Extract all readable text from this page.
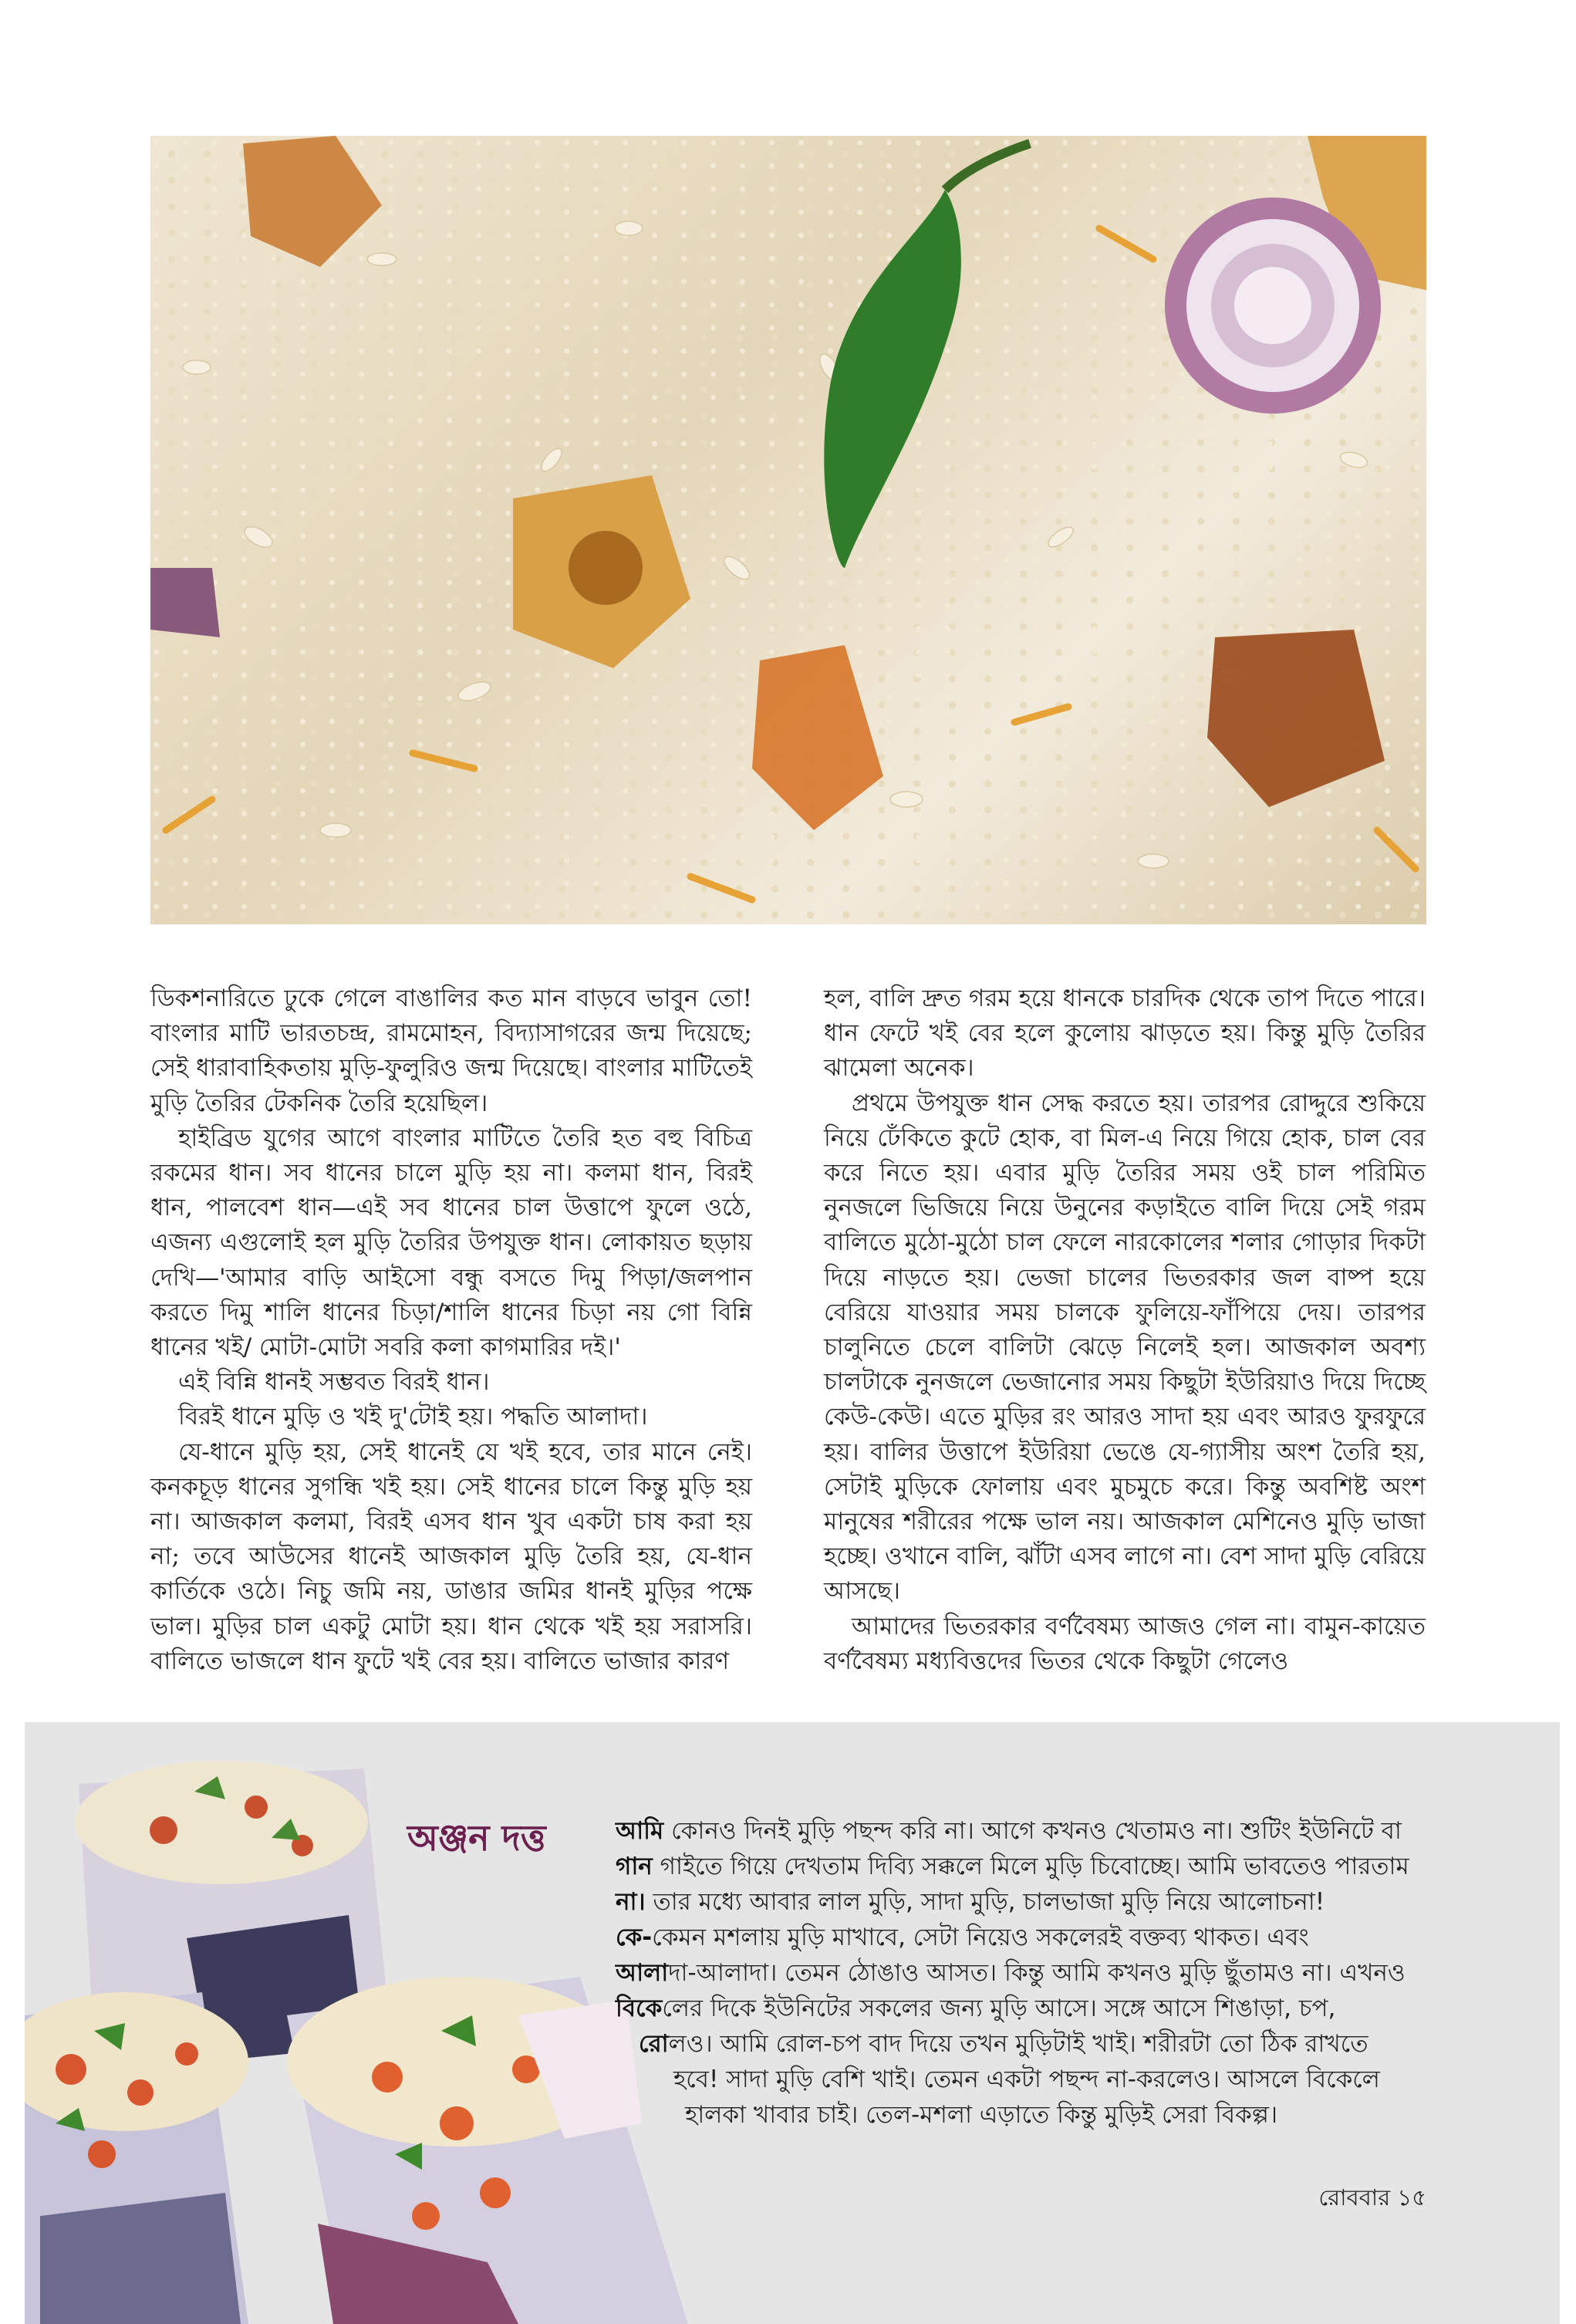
ডিকশনারিতে ঢুকে গেলে বাঙালির কত মান বাড়বে ভাবুন তো! বাংলার মাটি ভারতচন্দ্র, রামমোহন, বিদ্যাসাগরের জন্ম দিয়েছে; সেই ধারাবাহিকতায় মুড়ি-ফুলুরিও জন্ম দিয়েছে। বাংলার মাটিতেই মুড়ি তৈরির টেকনিক তৈরি হয়েছিল।

হাইব্রিড যুগের আগে বাংলার মাটিতে তৈরি হত বহু বিচিত্র রকমের ধান। সব ধানের চালে মুড়ি হয় না। কলমা ধান, বিরই ধান, পালবেশ ধান—এই সব ধানের চাল উত্তাপে ফুলে ওঠে, এজন্য এগুলোই হল মুড়ি তৈরির উপযুক্ত ধান। লোকায়ত ছড়ায় দেখি—'আমার বাড়ি আইসো বন্ধু বসতে দিমু পিড়া/জলপান করতে দিমু শালি ধানের চিড়া/শালি ধানের চিড়া নয় গো বিন্নি ধানের খই/ মোটা-মোটা সবরি কলা কাগমারির দই।'

এই বিন্নি ধানই সম্ভবত বিরই ধান।

বিরই ধানে মুড়ি ও খই দু'টোই হয়। পদ্ধতি আলাদা।

যে-ধানে মুড়ি হয়, সেই ধানেই যে খই হবে, তার মানে নেই। কনকচূড় ধানের সুগন্ধি খই হয়। সেই ধানের চালে কিন্তু মুড়ি হয় না। আজকাল কলমা, বিরই এসব ধান খুব একটা চাষ করা হয় না; তবে আউসের ধানেই আজকাল মুড়ি তৈরি হয়, যে-ধান কার্তিকে ওঠে। নিচু জমি নয়, ডাঙার জমির ধানই মুড়ির পক্ষে ভাল। মুড়ির চাল একটু মোটা হয়। ধান থেকে খই হয় সরাসরি। বালিতে ভাজলে ধান ফুটে খই বের হয়। বালিতে ভাজার কারণ

হল, বালি দ্রুত গরম হয়ে ধানকে চারদিক থেকে তাপ দিতে পারে। ধান ফেটে খই বের হলে কুলোয় ঝাড়তে হয়। কিন্তু মুড়ি তৈরির ঝামেলা অনেক।

প্রথমে উপযুক্ত ধান সেদ্ধ করতে হয়। তারপর রোদ্দুরে শুকিয়ে নিয়ে ঢেঁকিতে কুটে হোক, বা মিল-এ নিয়ে গিয়ে হোক, চাল বের করে নিতে হয়। এবার মুড়ি তৈরির সময় ওই চাল পরিমিত নুনজলে ভিজিয়ে নিয়ে উনুনের কড়াইতে বালি দিয়ে সেই গরম বালিতে মুঠো-মুঠো চাল ফেলে নারকোলের শলার গোড়ার দিকটা দিয়ে নাড়তে হয়। ভেজা চালের ভিতরকার জল বাষ্প হয়ে বেরিয়ে যাওয়ার সময় চালকে ফুলিয়ে-ফাঁপিয়ে দেয়। তারপর চালুনিতে চেলে বালিটা ঝেড়ে নিলেই হল। আজকাল অবশ্য চালটাকে নুনজলে ভেজানোর সময় কিছুটা ইউরিয়াও দিয়ে দিচ্ছে কেউ-কেউ। এতে মুড়ির রং আরও সাদা হয় এবং আরও ফুরফুরে হয়। বালির উত্তাপে ইউরিয়া ভেঙে যে-গ্যাসীয় অংশ তৈরি হয়, সেটাই মুড়িকে ফোলায় এবং মুচমুচে করে। কিন্তু অবশিষ্ট অংশ মানুষের শরীরের পক্ষে ভাল নয়। আজকাল মেশিনেও মুড়ি ভাজা হচ্ছে। ওখানে বালি, ঝাঁটা এসব লাগে না। বেশ সাদা মুড়ি বেরিয়ে আসছে।

আমাদের ভিতরকার বর্ণবৈষম্য আজও গেল না। বামুন-কায়েত বর্ণবৈষম্য মধ্যবিত্তদের ভিতর থেকে কিছুটা গেলেও

অঞ্জন দত্ত	আমি কোনও দিনই মুড়ি পছন্দ করি না। আগে কখনও খেতামও না। শুটিং ইউনিটে বা
গান গাইতে গিয়ে দেখতাম দিব্যি সক্কলে মিলে মুড়ি চিবোচ্ছে। আমি ভাবতেও পারতাম
না। তার মধ্যে আবার লাল মুড়ি, সাদা মুড়ি, চালভাজা মুড়ি নিয়ে আলোচনা!
কে-কেমন মশলায় মুড়ি মাখাবে, সেটা নিয়েও সকলেরই বক্তব্য থাকত। এবং
আলাদা-আলাদা। তেমন ঠোঙাও আসত। কিন্তু আমি কখনও মুড়ি ছুঁতামও না। এখনও
বিকেলের দিকে ইউনিটের সকলের জন্য মুড়ি আসে। সঙ্গে আসে শিঙাড়া, চপ,
রোলও। আমি রোল-চপ বাদ দিয়ে তখন মুড়িটাই খাই। শরীরটা তো ঠিক রাখতে
হবে! সাদা মুড়ি বেশি খাই। তেমন একটা পছন্দ না-করলেও। আসলে বিকেলে
হালকা খাবার চাই। তেল-মশলা এড়াতে কিন্তু মুড়িই সেরা বিকল্প।
রোববার ১৫
